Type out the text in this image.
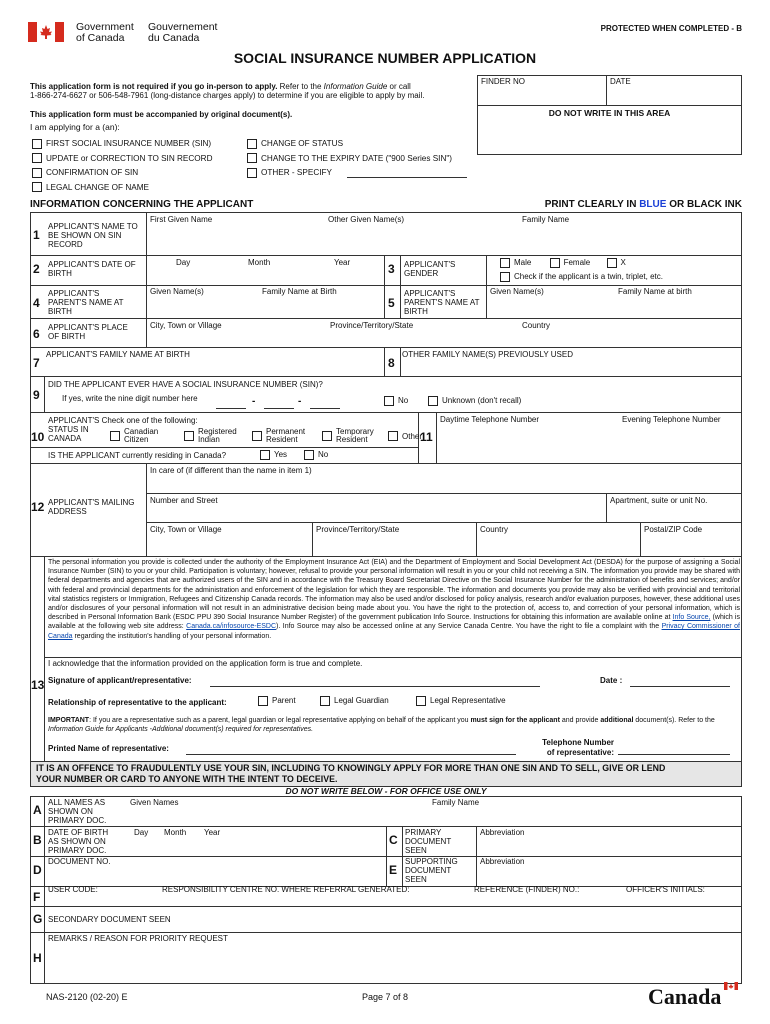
Government
of Canada
Gouvernement
du Canada
PROTECTED WHEN COMPLETED - B
SOCIAL INSURANCE NUMBER APPLICATION
This application form is not required if you go in-person to apply. Refer to the Information Guide or call
1-866-274-6627 or 506-548-7961 (long-distance charges apply) to determine if you are eligible to apply by mail.
This application form must be accompanied by original document(s).
I am applying for a (an):
FINDER NO	DATE
DO NOT WRITE IN THIS AREA
FIRST SOCIAL INSURANCE NUMBER (SIN)
UPDATE or CORRECTION TO SIN RECORD
CONFIRMATION OF SIN
LEGAL CHANGE OF NAME
CHANGE OF STATUS
CHANGE TO THE EXPIRY DATE ("900 Series SIN")
OTHER - SPECIFY
INFORMATION CONCERNING THE APPLICANT	PRINT CLEARLY IN BLUE OR BLACK INK
1
APPLICANT'S NAME TO BE SHOWN ON SIN RECORD
First Given Name	Other Given Name(s)	Family Name
2 APPLICANT'S DATE OF BIRTH
Day	Month	Year	3 APPLICANT'S GENDER
Male	Female	X
Check if the applicant is a twin, triplet, etc.
4
APPLICANT'S PARENT'S NAME AT BIRTH
Given Name(s)	Family Name at Birth
5
APPLICANT'S PARENT'S NAME AT BIRTH
Given Name(s)	Family Name at birth
6 APPLICANT'S PLACE OF BIRTH
City, Town or Village	Province/Territory/State	Country
7
APPLICANT'S FAMILY NAME AT BIRTH
8
OTHER FAMILY NAME(S) PREVIOUSLY USED
9
DID THE APPLICANT EVER HAVE A SOCIAL INSURANCE NUMBER (SIN)?
If yes, write the nine digit number here	-	-	No	Unknown (don't recall)
10
APPLICANT'S Check one of the following:
STATUS IN
CANADA
Canadian
Citizen
Registered
Indian
Permanent
Resident
Temporary
Resident	Other
IS THE APPLICANT currently residing in Canada?	Yes	No
11
Daytime Telephone Number	Evening Telephone Number
12 APPLICANT'S MAILING ADDRESS
In care of (if different than the name in item 1)
Number and Street	Apartment, suite or unit No.
City, Town or Village	Province/Territory/State	Country	Postal/ZIP Code
13
The personal information you provide is collected under the authority of the Employment Insurance Act (EIA) and the Department of Employment and Social Development Act (DESDA) for the purpose of assigning a Social Insurance Number (SIN) to you or your child. Participation is voluntary; however, refusal to provide your personal information will result in you or your child not receiving a SIN. The information you provide may be shared with federal departments and agencies that are authorized users of the SIN and in accordance with the Treasury Board Secretariat Directive on the Social Insurance Number for the administration of benefits and services; and/or with federal and provincial departments for the administration and enforcement of the legislation for which they are responsible. The information and documents you provide may also be verified with provincial and territorial vital statistics registers or Immigration, Refugees and Citizenship Canada records. The information may also be used and/or disclosed for policy analysis, research and/or evaluation purposes, however, these additional uses and/or disclosures of your personal information will not result in an administrative decision being made about you. You have the right to the protection of, access to, and correction of your personal information, which is described in Personal Information Bank (ESDC PPU 390 Social Insurance Number Register) of the government publication Info Source. Instructions for obtaining this information are available online at Info Source, (which is available at the following web site address: Canada.ca/infosource-ESDC). Info Source may also be accessed online at any Service Canada Centre. You have the right to file a complaint with the Privacy Commissioner of Canada regarding the institution's handling of your personal information.
I acknowledge that the information provided on the application form is true and complete.
Signature of applicant/representative:	Date :
Relationship of representative to the applicant:	Parent	Legal Guardian	Legal Representative
IMPORTANT: If you are a representative such as a parent, legal guardian or legal representative applying on behalf of the applicant you must sign for the applicant and provide additional document(s). Refer to the Information Guide for Applicants -Additional document(s) required for representatives.
Printed Name of representative:
Telephone Number
of representative:
IT IS AN OFFENCE TO FRAUDULENTLY USE YOUR SIN, INCLUDING TO KNOWINGLY APPLY FOR MORE THAN ONE SIN AND TO SELL, GIVE OR LEND
YOUR NUMBER OR CARD TO ANYONE WITH THE INTENT TO DECEIVE.
DO NOT WRITE BELOW - FOR OFFICE USE ONLY
A
ALL NAMES AS SHOWN ON PRIMARY DOC.
Given Names	Family Name
B
DATE OF BIRTH AS SHOWN ON PRIMARY DOC.
Day Month Year
C
PRIMARY DOCUMENT SEEN
Abbreviation
D
DOCUMENT NO.
E
SUPPORTING DOCUMENT SEEN
Abbreviation
F
USER CODE:	RESPONSIBILITY CENTRE NO. WHERE REFERRAL GENERATED:	REFERENCE (FINDER) NO.:	OFFICER'S INITIALS:
G SECONDARY DOCUMENT SEEN
H
REMARKS / REASON FOR PRIORITY REQUEST
NAS-2120 (02-20) E	Page 7 of 8	Canada
